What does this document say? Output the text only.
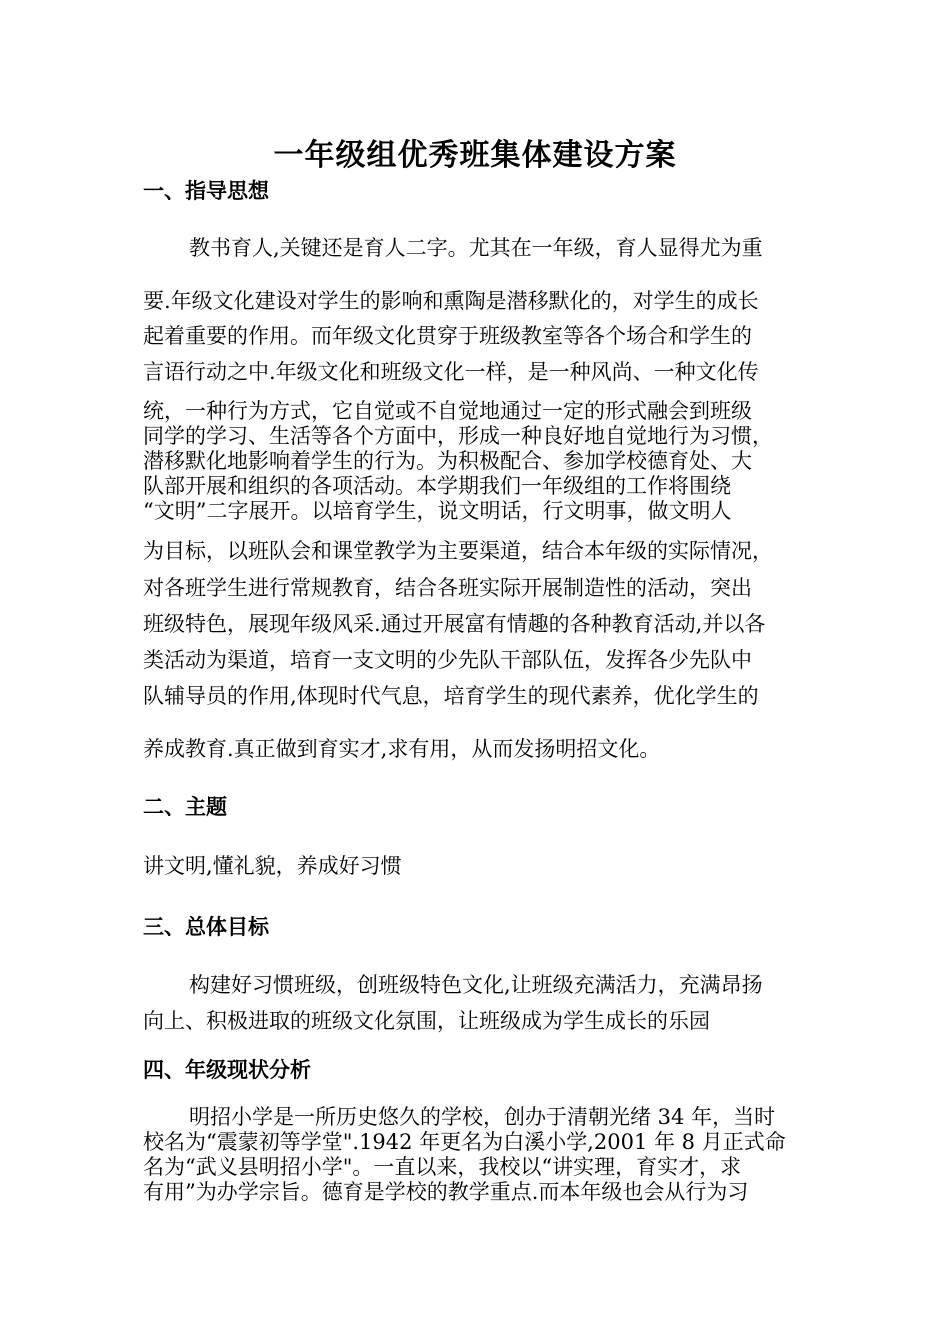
一年级组优秀班集体建设方案
一、指导思想

教书育人,关键还是育人二字。尤其在一年级，育人显得尤为重

要.年级文化建设对学生的影响和熏陶是潜移默化的，对学生的成长

起着重要的作用。而年级文化贯穿于班级教室等各个场合和学生的

言语行动之中.年级文化和班级文化一样，是一种风尚、一种文化传

统，一种行为方式，它自觉或不自觉地通过一定的形式融会到班级

同学的学习、生活等各个方面中，形成一种良好地自觉地行为习惯，

潜移默化地影响着学生的行为。为积极配合、参加学校德育处、大

队部开展和组织的各项活动。本学期我们一年级组的工作将围绕

“文明”二字展开。以培育学生，说文明话，行文明事，做文明人

为目标，以班队会和课堂教学为主要渠道，结合本年级的实际情况，

对各班学生进行常规教育，结合各班实际开展制造性的活动，突出

班级特色，展现年级风采.通过开展富有情趣的各种教育活动,并以各

类活动为渠道，培育一支文明的少先队干部队伍，发挥各少先队中

队辅导员的作用,体现时代气息，培育学生的现代素养，优化学生的

养成教育.真正做到育实才,求有用，从而发扬明招文化。

二、主题

讲文明,懂礼貌，养成好习惯

三、总体目标

构建好习惯班级，创班级特色文化,让班级充满活力，充满昂扬

向上、积极进取的班级文化氛围，让班级成为学生成长的乐园

四、年级现状分析

明招小学是一所历史悠久的学校，创办于清朝光绪 34 年，当时

校名为“震蒙初等学堂".1942 年更名为白溪小学,2001 年 8 月正式命

名为“武义县明招小学"。一直以来，我校以“讲实理，育实才，求

有用”为办学宗旨。德育是学校的教学重点.而本年级也会从行为习
